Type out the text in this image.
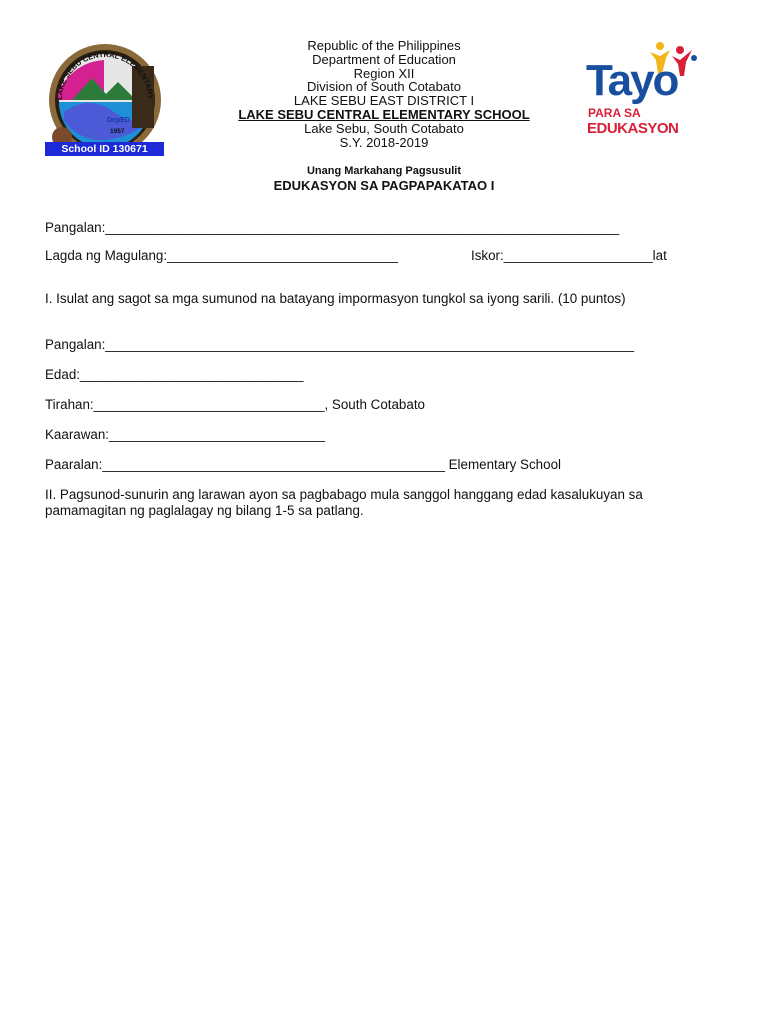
LAKE SEBU CENTRAL ELEMENTARY
DepED
1957
School ID 130671
Republic of the Philippines
Department of Education
Region XII
Division of South Cotabato
LAKE SEBU EAST DISTRICT I
LAKE SEBU CENTRAL ELEMENTARY SCHOOL
Lake Sebu, South Cotabato
S.Y. 2018-2019
Unang Markahang Pagsusulit
EDUKASYON SA PAGPAPAKATAO I
Tayo
PARA SA
EDUKASYON
Pangalan:_____________________________________________________________________
Lagda ng Magulang:_______________________________	Iskor:____________________lat
I. Isulat ang sagot sa mga sumunod na batayang impormasyon tungkol sa iyong sarili. (10 puntos)
Pangalan:_______________________________________________________________________
Edad:______________________________
Tirahan:_______________________________, South Cotabato
Kaarawan:_____________________________
Paaralan:______________________________________________ Elementary School
II. Pagsunod-sunurin ang larawan ayon sa pagbabago mula sanggol hanggang edad kasalukuyan sa
pamamagitan ng paglalagay ng bilang 1-5 sa patlang.
